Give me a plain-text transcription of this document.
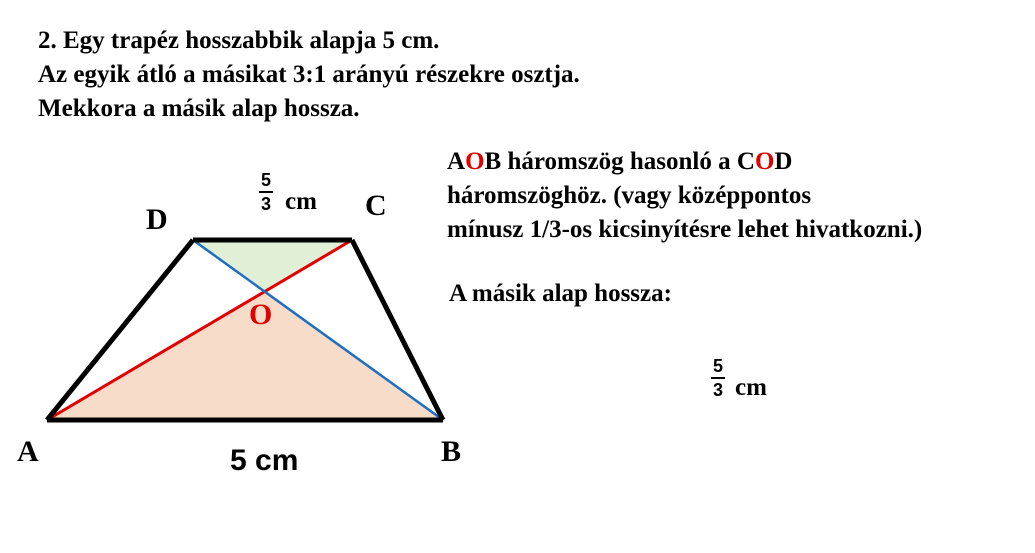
2. Egy trapéz hosszabbik alapja 5 cm.
Az egyik átló a másikat 3:1 arányú részekre osztja.
Mekkora a másik alap hossza.
D	C
A	B
O
5
3 cm
5 cm
AOB háromszög hasonló a COD
háromszöghöz. (vagy középpontos
mínusz 1/3-os kicsinyítésre lehet hivatkozni.)
A másik alap hossza:
5
3 cm
